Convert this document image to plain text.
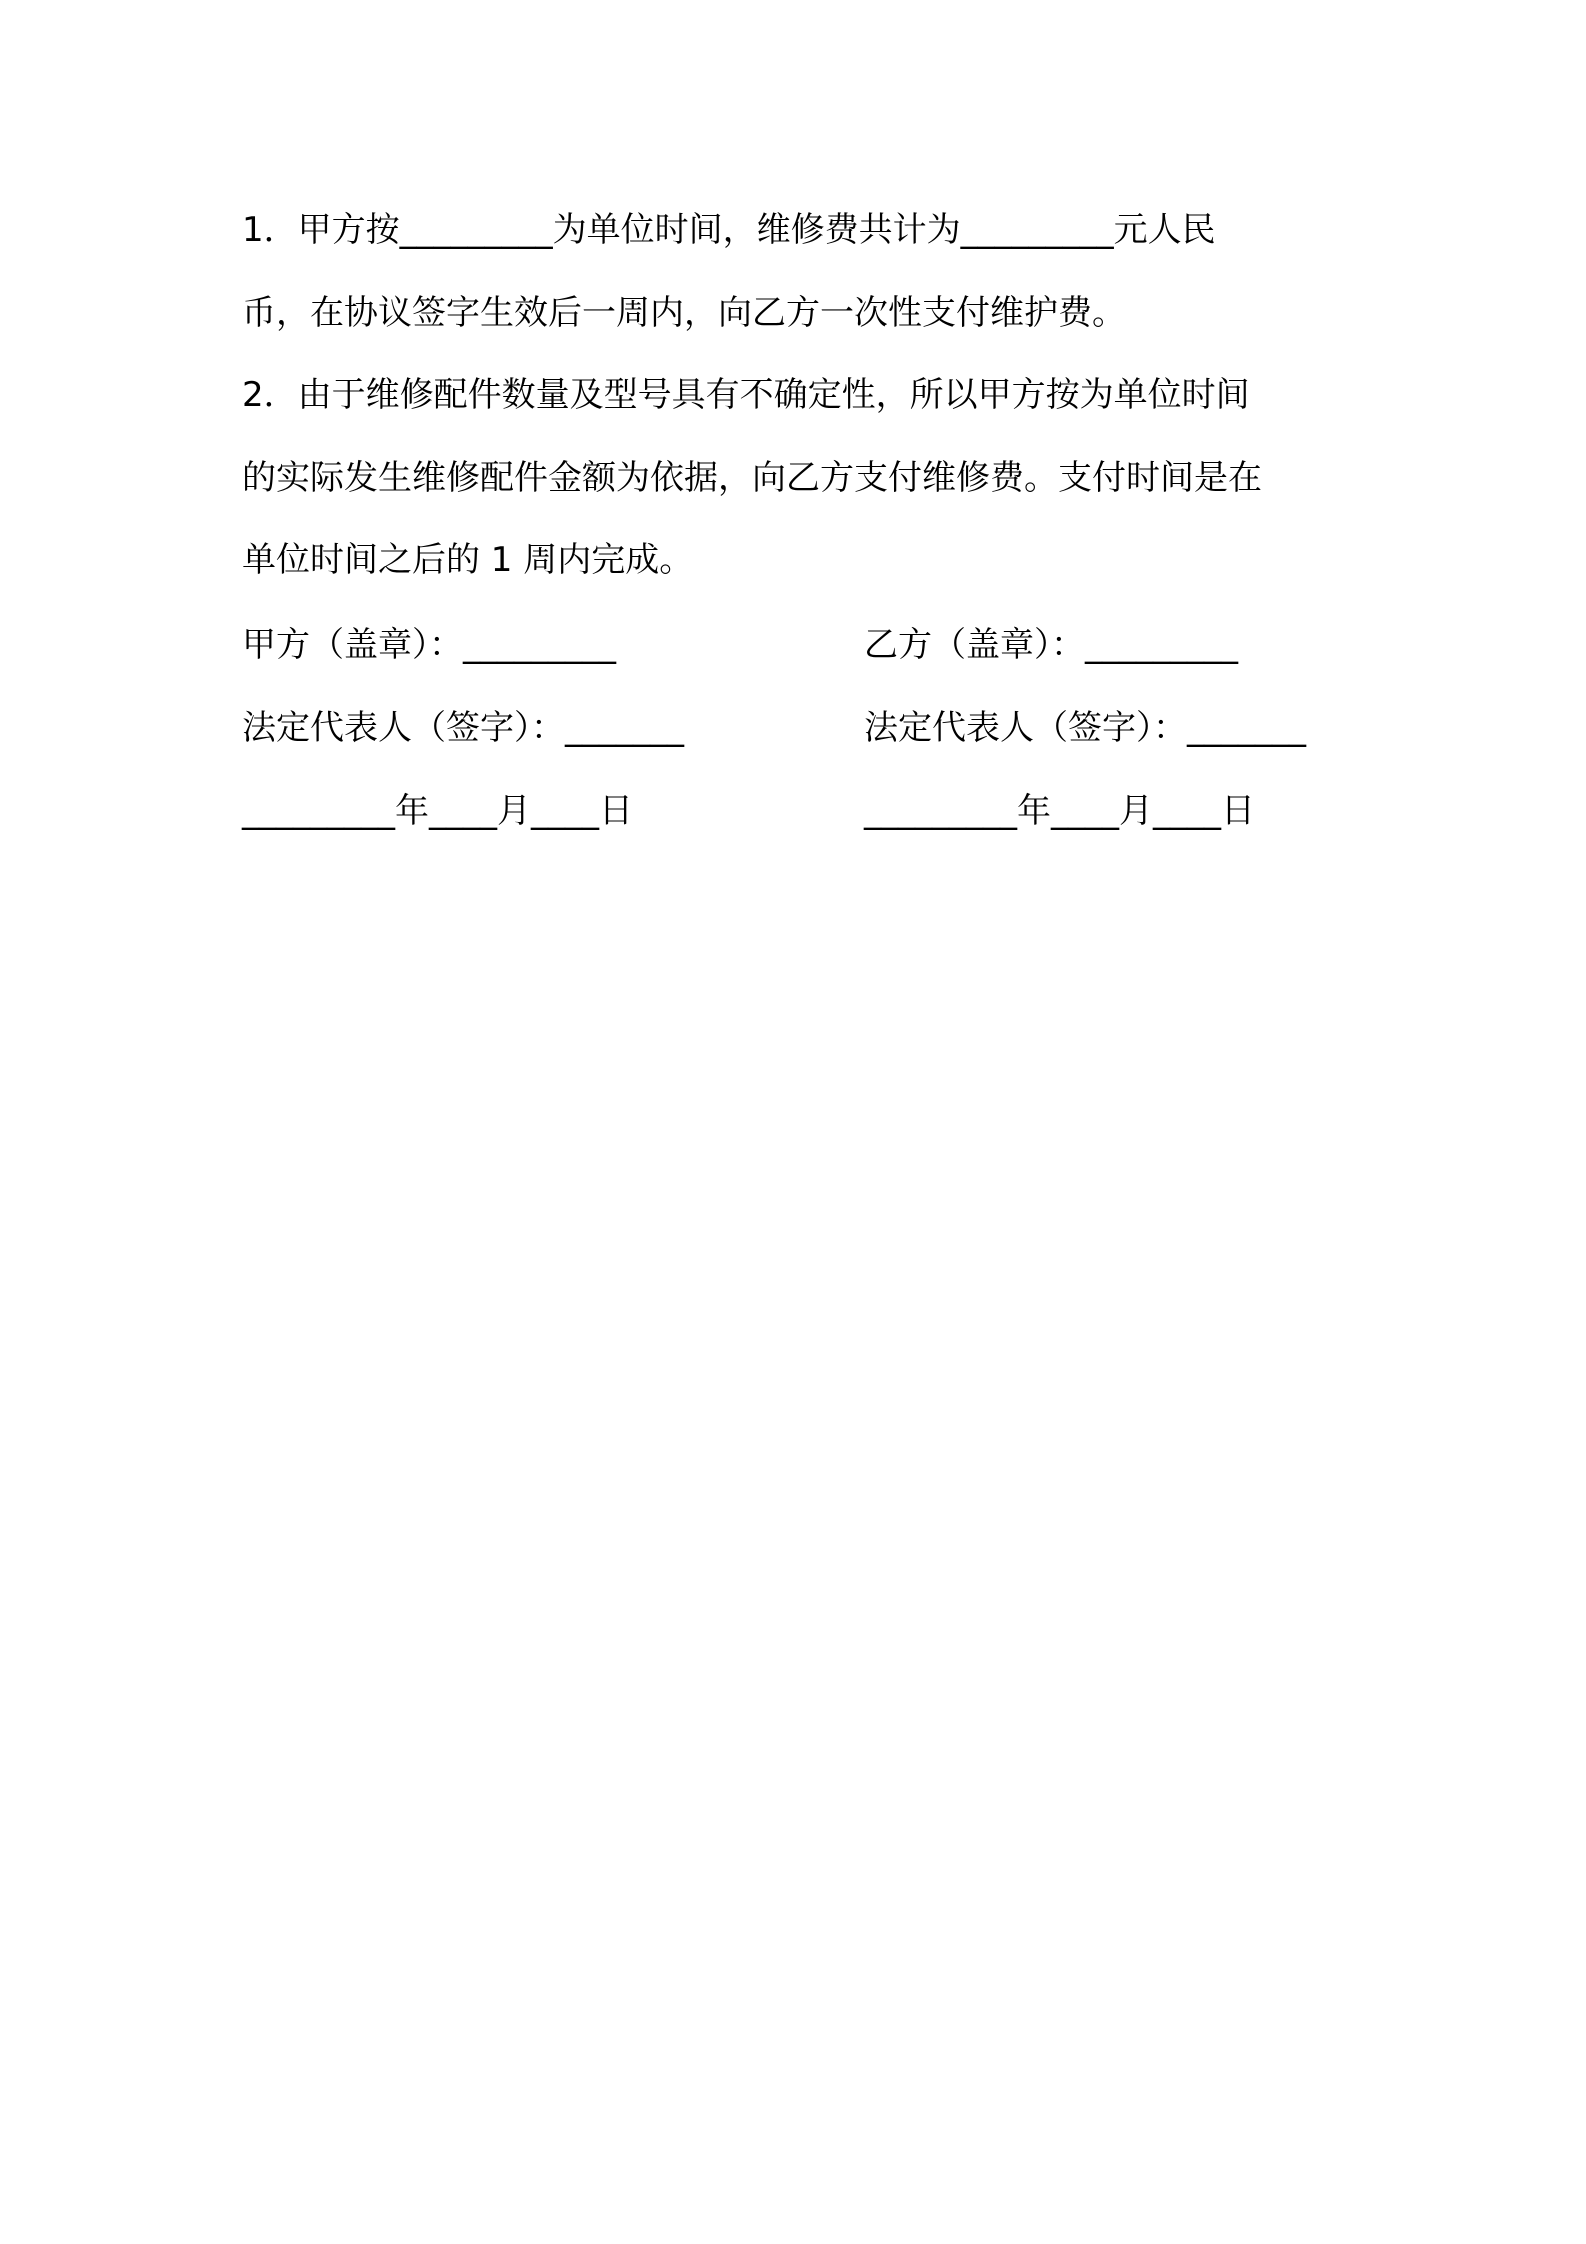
1．甲方按_________为单位时间，维修费共计为_________元人民
币，在协议签字生效后一周内，向乙方一次性支付维护费。
2．由于维修配件数量及型号具有不确定性，所以甲方按为单位时间
的实际发生维修配件金额为依据，向乙方支付维修费。支付时间是在
单位时间之后的 1 周内完成。
甲方（盖章）：_________	乙方（盖章）：_________
法定代表人（签字）：_______	法定代表人（签字）：_______
_________年____月____日	_________年____月____日
